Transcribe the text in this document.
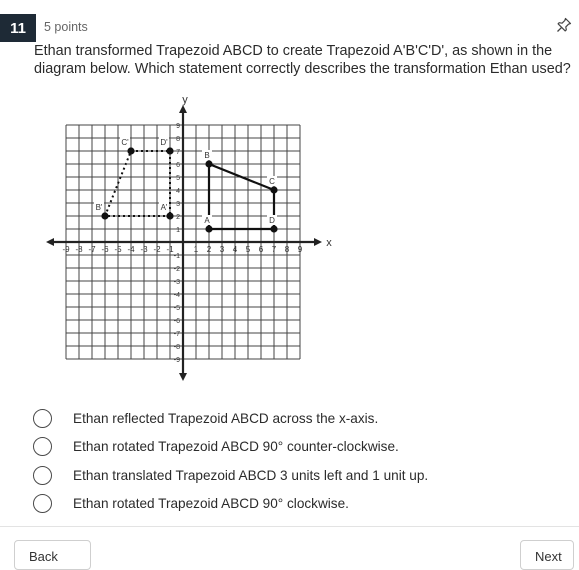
11	5 points
Ethan transformed Trapezoid ABCD to create Trapezoid A'B'C'D', as shown in the diagram below. Which statement correctly describes the transformation Ethan used?
x
y
-9 -8 -7 -6 -5 -4 -3 -2 -1	1 2 3 4 5 6 7 8 9
1
2
3
4
5
6
7
8
9
-1
-2
-3
-4
-5
-6
-7
-8
-9
A'
B'
C'	D'
A
B
C
D
Ethan reflected Trapezoid ABCD across the x-axis.
Ethan rotated Trapezoid ABCD 90° counter-clockwise.
Ethan translated Trapezoid ABCD 3 units left and 1 unit up.
Ethan rotated Trapezoid ABCD 90° clockwise.
Back	Next
